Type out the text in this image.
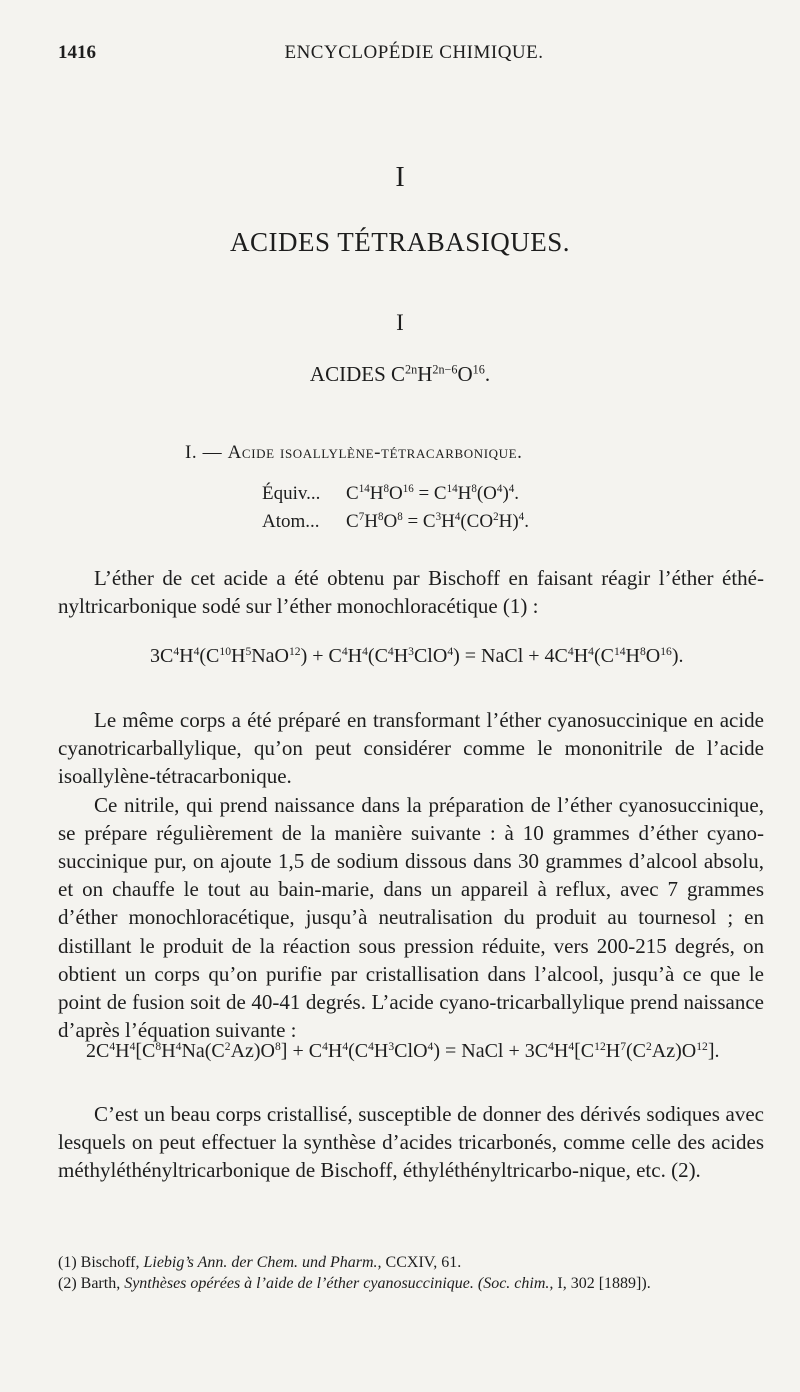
1416	ENCYCLOPÉDIE CHIMIQUE.
I
ACIDES TÉTRABASIQUES.
I
ACIDES $C^{2n}H^{2n-6}O^{16}$.
I. — Acide isoallylène-tétracarbonique.
Équiv... $C^{14}H^8O^{16} = C^{14}H^8(O^4)^4$.
Atom... $C^7H^8O^8 = C^3H^4(CO^2H)^4$.

L’éther de cet acide a été obtenu par Bischoff en faisant réagir l’éther éthé-nyltricarbonique sodé sur l’éther monochloracétique (1) :

$3C^4H^4(C^{10}H^5NaO^{12}) + C^4H^4(C^4H^3ClO^4)$ = NaCl + $4C^4H^4(C^{14}H^8O^{16})$.

Le même corps a été préparé en transformant l’éther cyanosuccinique en acide cyanotricarballylique, qu’on peut considérer comme le mononitrile de l’acide isoallylène-tétracarbonique.

Ce nitrile, qui prend naissance dans la préparation de l’éther cyanosuccinique, se prépare régulièrement de la manière suivante : à 10 grammes d’éther cyano-succinique pur, on ajoute 1,5 de sodium dissous dans 30 grammes d’alcool absolu, et on chauffe le tout au bain-marie, dans un appareil à reflux, avec 7 grammes d’éther monochloracétique, jusqu’à neutralisation du produit au tournesol ; en distillant le produit de la réaction sous pression réduite, vers 200-215 degrés, on obtient un corps qu’on purifie par cristallisation dans l’alcool, jusqu’à ce que le point de fusion soit de 40-41 degrés. L’acide cyano-tricarballylique prend naissance d’après l’équation suivante :

$2C^4H^4[C^8H^4Na(C^2Az)O^8] + C^4H^4(C^4H^3ClO^4)$ = NaCl + $3C^4H^4[C^{12}H^7(C^2Az)O^{12}]$.

C’est un beau corps cristallisé, susceptible de donner des dérivés sodiques avec lesquels on peut effectuer la synthèse d’acides tricarbonés, comme celle des acides méthyléthényltricarbonique de Bischoff, éthyléthényltricarbo-nique, etc. (2).

(1) Bischoff, Liebig’s Ann. der Chem. und Pharm., CCXIV, 61.

(2) Barth, Synthèses opérées à l’aide de l’éther cyanosuccinique. (Soc. chim., I, 302 [1889]).
